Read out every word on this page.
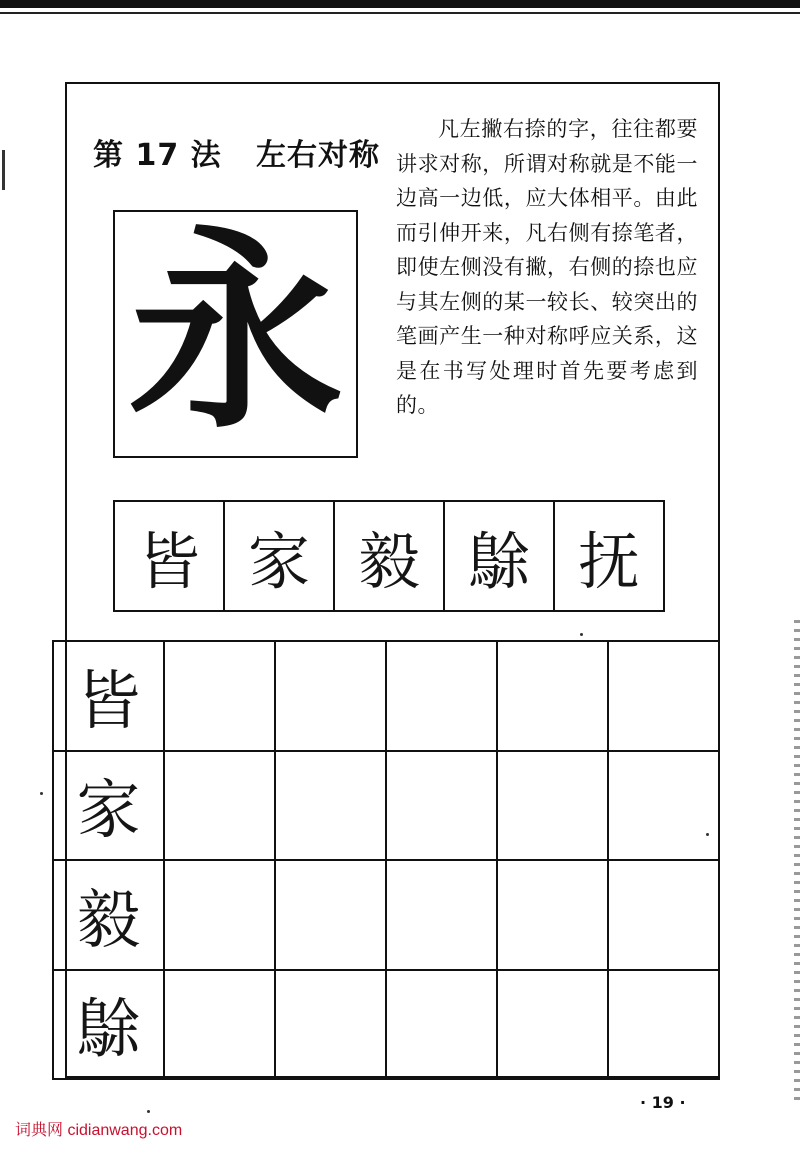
第 17 法   左右对称
永

凡左撇右捺的字，往往都要讲求对称，所谓对称就是不能一边高一边低，应大体相平。由此而引伸开来，凡右侧有捺笔者，即使左侧没有撇，右侧的捺也应与其左侧的某一较长、较突出的笔画产生一种对称呼应关系，这是在书写处理时首先要考虑到的。

皆 家 毅 鵌 抚
皆
家
毅
鵌

· 19 ·

词典网 cidianwang.com
